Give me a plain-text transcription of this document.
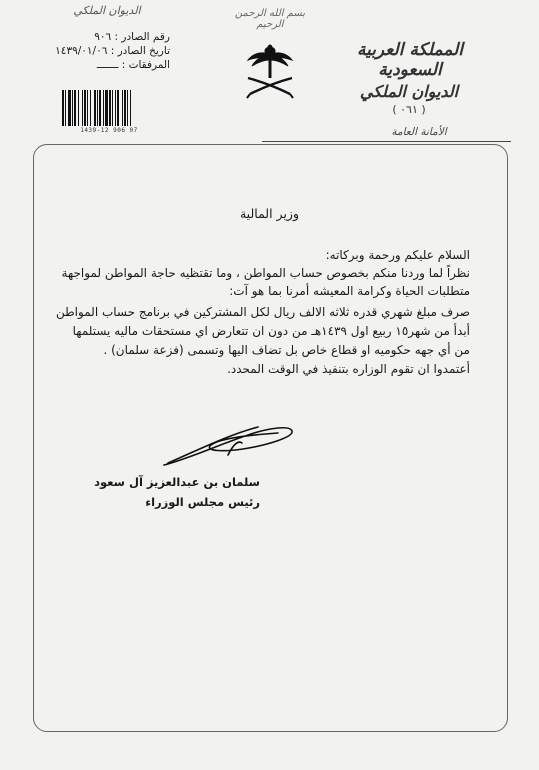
الديوان الملكي
رقم الصادر : ٩٠٦
تاريخ الصادر : ١٤٣٩/٠١/٠٦
المرفقات : ـــــــ
1439-12 906 07
بسم الله الرحمن الرحيم
المملكة العربية السعودية
الديوان الملكي
( ٠٦١ )
الأمانة العامة
وزير المالية
السلام عليكم ورحمة وبركاته:
نظراً لما وردنا منكم بخصوص حساب المواطن ، وما تقتظيه حاجة المواطن لمواجهة
متطلبات الحياة وكرامة المعيشه أمرنا بما هو آت:
صرف مبلغ شهري قدره ثلاثه الالف ريال لكل المشتركين في برنامج حساب المواطن
أبدأ من شهر١٥ ربيع اول ١٤٣٩هـ من دون ان تتعارض اي مستحقات ماليه يستلمها
من أي جهه حكوميه او قطاع خاص بل تضاف اليها وتسمى (فزعة سلمان) .
أعتمدوا ان تقوم الوزاره بتنفيذ في الوقت المحدد.
سلمان بن عبدالعزيز آل سعود
رئيس مجلس الوزراء
